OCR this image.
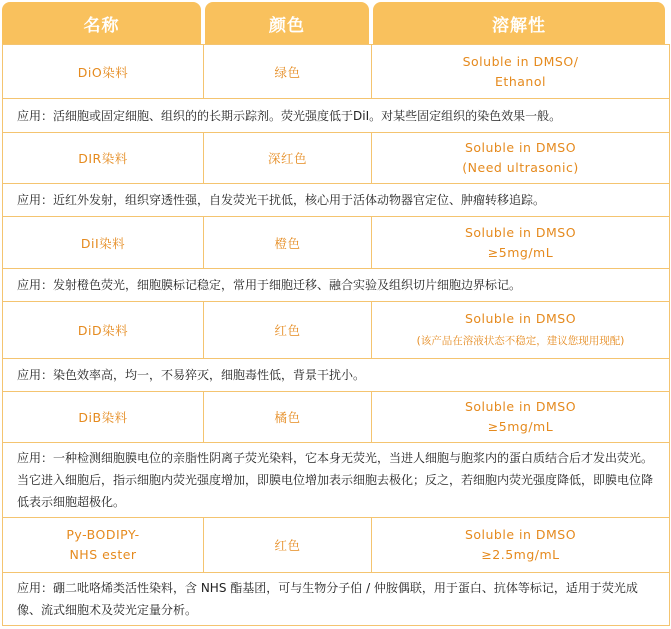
名称	颜色	溶解性
DiO染料	绿色	Soluble in DMSO/
Ethanol
应用：活细胞或固定细胞、组织的的长期示踪剂。荧光强度低于DiI。对某些固定组织的染色效果一般。		
DIR染料	深红色	Soluble in DMSO
(Need ultrasonic)
应用：近红外发射，组织穿透性强，自发荧光干扰低，核心用于活体动物器官定位、肿瘤转移追踪。		
DiI染料	橙色	Soluble in DMSO
≥5mg/mL
应用：发射橙色荧光，细胞膜标记稳定，常用于细胞迁移、融合实验及组织切片细胞边界标记。		
DiD染料	红色	Soluble in DMSO
(该产品在溶液状态不稳定，建议您现用现配)

应用：染色效率高，均一，不易猝灭，细胞毒性低，背景干扰小。		
DiB染料	橘色	Soluble in DMSO
≥5mg/mL
应用：一种检测细胞膜电位的亲脂性阴离子荧光染料，它本身无荧光，当进人细胞与胞浆内的蛋白质结合后才发出荧光。当它进入细胞后，指示细胞内荧光强度增加，即膜电位增加表示细胞去极化；反之，若细胞内荧光强度降低，即膜电位降低表示细胞超极化。		
Py-BODIPY-
NHS ester	红色	Soluble in DMSO
≥2.5mg/mL
应用：硼二吡咯烯类活性染料，含 NHS 酯基团，可与生物分子伯 / 仲胺偶联，用于蛋白、抗体等标记，适用于荧光成像、流式细胞术及荧光定量分析。		
